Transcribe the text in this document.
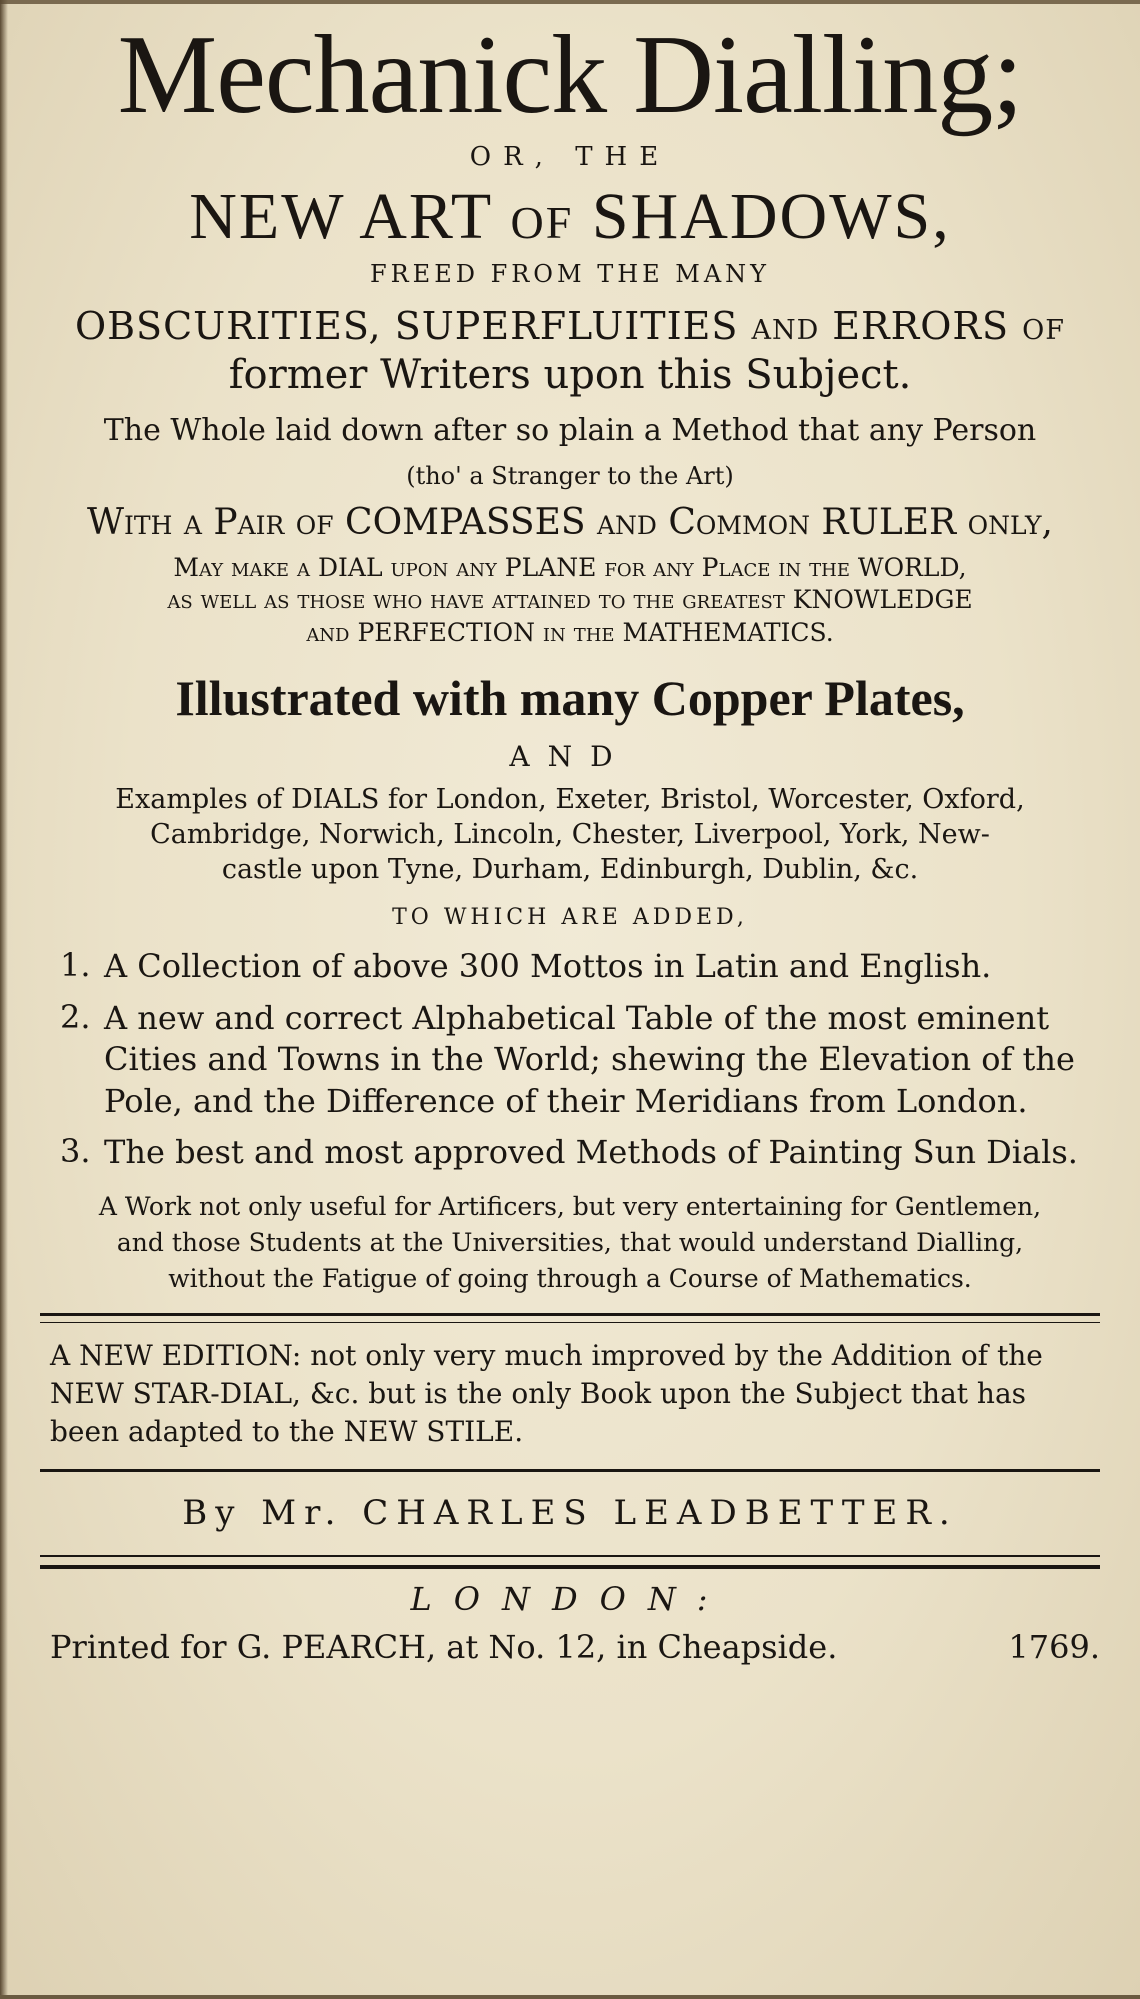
Mechanick Dialling;

OR, THE

NEW ART of SHADOWS,

FREED FROM THE MANY

OBSCURITIES, SUPERFLUITIES and ERRORS of

former Writers upon this Subject.

The Whole laid down after so plain a Method that any Person

(tho' a Stranger to the Art)

With a Pair of COMPASSES and Common RULER only,

May make a DIAL upon any PLANE for any Place in the WORLD,

as well as those who have attained to the greatest KNOWLEDGE

and PERFECTION in the MATHEMATICS.

Illustrated with many Copper Plates,

AND

Examples of DIALS for London, Exeter, Bristol, Worcester, Oxford,

Cambridge, Norwich, Lincoln, Chester, Liverpool, York, New-

castle upon Tyne, Durham, Edinburgh, Dublin, &c.

TO WHICH ARE ADDED,

1. A Collection of above 300 Mottos in Latin and English.
2. A new and correct Alphabetical Table of the most eminent Cities and Towns in the World; shewing the Elevation of the Pole, and the Difference of their Meridians from London.
3. The best and most approved Methods of Painting Sun Dials.

A Work not only useful for Artificers, but very entertaining for Gentlemen,

and those Students at the Universities, that would understand Dialling,

without the Fatigue of going through a Course of Mathematics.

A NEW EDITION: not only very much improved by the Addition of the NEW STAR-DIAL, &c. but is the only Book upon the Subject that has been adapted to the NEW STILE.

By Mr. CHARLES LEADBETTER.

LONDON:

Printed for G. PEARCH, at No. 12, in Cheapside.	1769.
